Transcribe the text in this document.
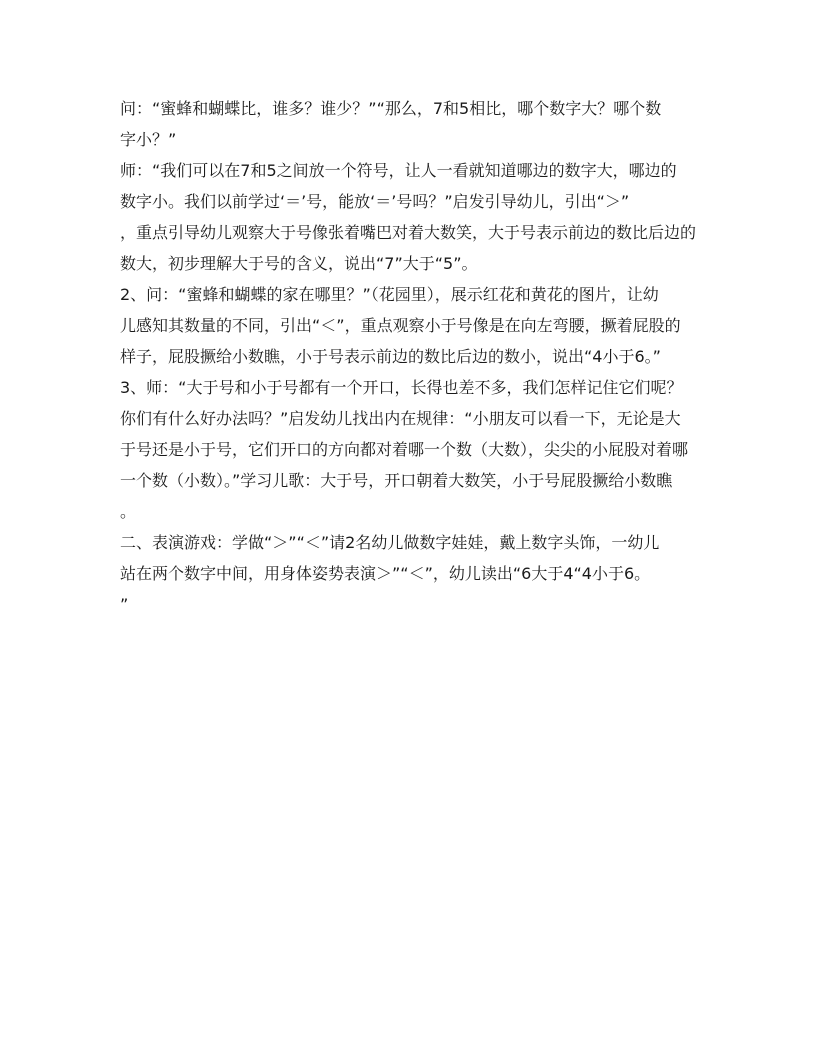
问：“蜜蜂和蝴蝶比，谁多？谁少？”“那么，7和5相比，哪个数字大？哪个数
字小？”
师：“我们可以在7和5之间放一个符号，让人一看就知道哪边的数字大，哪边的
数字小。我们以前学过‘＝’号，能放‘＝’号吗？”启发引导幼儿，引出“＞”
，重点引导幼儿观察大于号像张着嘴巴对着大数笑，大于号表示前边的数比后边的
数大，初步理解大于号的含义，说出“7”大于“5”。
2、问：“蜜蜂和蝴蝶的家在哪里？”（花园里），展示红花和黄花的图片，让幼
儿感知其数量的不同，引出“＜”，重点观察小于号像是在向左弯腰，撅着屁股的
样子，屁股撅给小数瞧，小于号表示前边的数比后边的数小，说出“4小于6。”
3、师：“大于号和小于号都有一个开口，长得也差不多，我们怎样记住它们呢？
你们有什么好办法吗？”启发幼儿找出内在规律：“小朋友可以看一下，无论是大
于号还是小于号，它们开口的方向都对着哪一个数（大数），尖尖的小屁股对着哪
一个数（小数）。”学习儿歌：大于号，开口朝着大数笑，小于号屁股撅给小数瞧
。
二、表演游戏：学做“＞”“＜”请2名幼儿做数字娃娃，戴上数字头饰，一幼儿
站在两个数字中间，用身体姿势表演＞”“＜”，幼儿读出“6大于4“4小于6。
”
